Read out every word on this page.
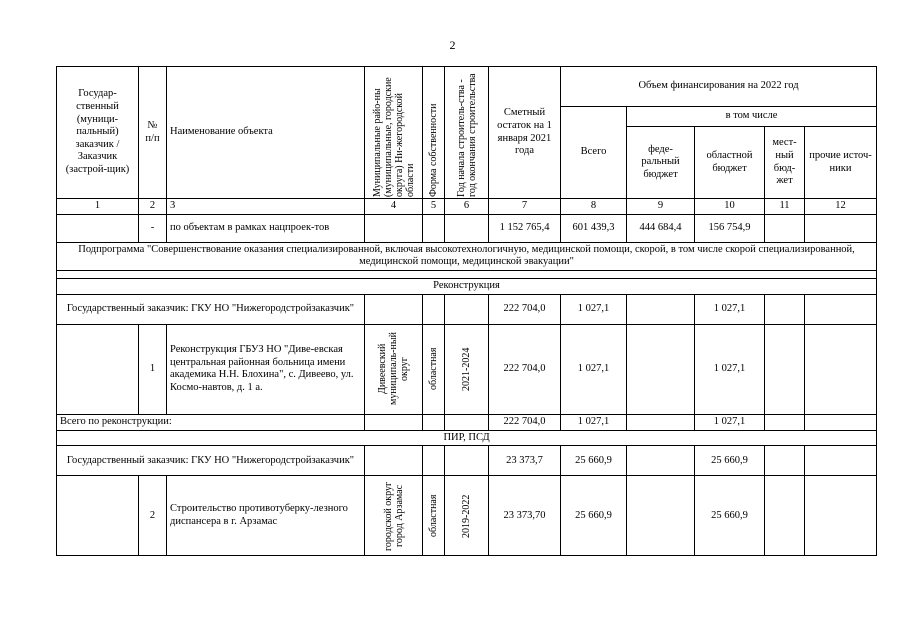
2
Государ-ственный (муници-пальный) заказчик / Заказчик (застрой-щик)	№ п/п	Наименование объекта	Муниципальные райо-ны (муниципальные, городские округа) Ни-жегородской области	Форма собственности	Год начала строитель-ства - год окончания строительства	Сметный остаток на 1 января 2021 года	Объем финансирования на 2022 год				
							Всего	в том числе			
								феде-ральный бюджет	областной бюджет	мест-ный бюд-жет	прочие источ-ники
1	2	3	4	5	6	7	8	9	10	11	12
	-	по объектам в рамках нацпроек-тов				1 152 765,4	601 439,3	444 684,4	156 754,9		
Подпрограмма "Совершенствование оказания специализированной, включая высокотехнологичную, медицинской помощи, скорой, в том числе скорой специализированной, медицинской помощи, медицинской эвакуации"											

Реконструкция											
Государственный заказчик: ГКУ НО "Нижегородстройзаказчик"						222 704,0	1 027,1		1 027,1		
	1	Реконструкция ГБУЗ НО "Диве-евская центральная районная больница имени академика Н.Н. Блохина", с. Дивеево, ул. Космо-навтов, д. 1 а.	Дивеевский муниципаль-ный округ	областная	2021-2024	222 704,0	1 027,1		1 027,1		
Всего по реконструкции:						222 704,0	1 027,1		1 027,1		
ПИР, ПСД											
Государственный заказчик: ГКУ НО "Нижегородстройзаказчик"						23 373,7	25 660,9		25 660,9		
	2	Строительство противотуберку-лезного диспансера в г. Арзамас	городской округ город Арзамас	областная	2019-2022	23 373,70	25 660,9		25 660,9		
